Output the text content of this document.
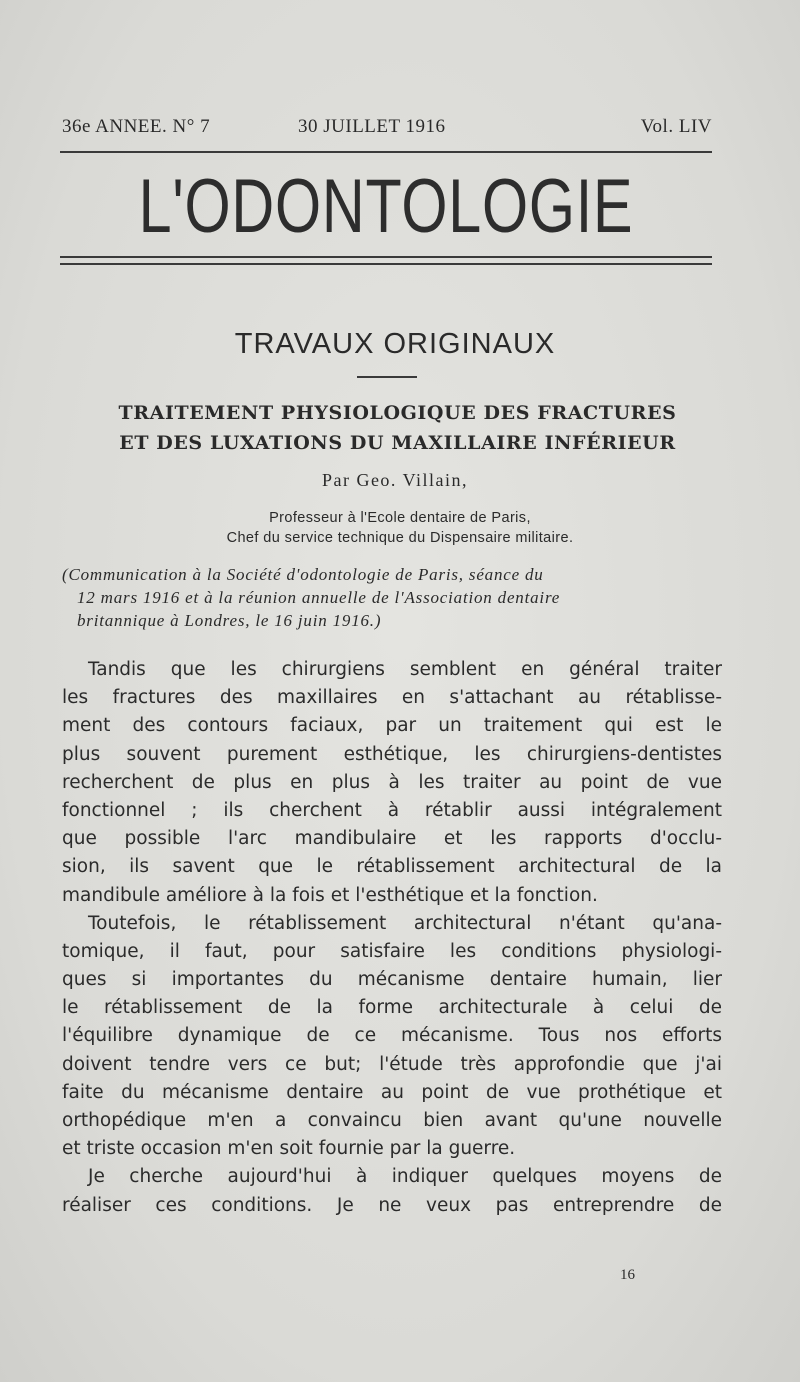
36e ANNEE. N° 7	30 JUILLET 1916	Vol. LIV
L'ODONTOLOGIE
TRAVAUX ORIGINAUX
TRAITEMENT PHYSIOLOGIQUE DES FRACTURES
ET DES LUXATIONS DU MAXILLAIRE INFÉRIEUR
Par Geo. Villain,
Professeur à l'Ecole dentaire de Paris,
Chef du service technique du Dispensaire militaire.
(Communication à la Société d'odontologie de Paris, séance du
12 mars 1916 et à la réunion annuelle de l'Association dentaire
britannique à Londres, le 16 juin 1916.)
Tandis que les chirurgiens semblent en général traiter
les fractures des maxillaires en s'attachant au rétablisse-
ment des contours faciaux, par un traitement qui est le
plus souvent purement esthétique, les chirurgiens-dentistes
recherchent de plus en plus à les traiter au point de vue
fonctionnel ; ils cherchent à rétablir aussi intégralement
que possible l'arc mandibulaire et les rapports d'occlu-
sion, ils savent que le rétablissement architectural de la
mandibule améliore à la fois et l'esthétique et la fonction.
Toutefois, le rétablissement architectural n'étant qu'ana-
tomique, il faut, pour satisfaire les conditions physiologi-
ques si importantes du mécanisme dentaire humain, lier
le rétablissement de la forme architecturale à celui de
l'équilibre dynamique de ce mécanisme. Tous nos efforts
doivent tendre vers ce but; l'étude très approfondie que j'ai
faite du mécanisme dentaire au point de vue prothétique et
orthopédique m'en a convaincu bien avant qu'une nouvelle
et triste occasion m'en soit fournie par la guerre.
Je cherche aujourd'hui à indiquer quelques moyens de
réaliser ces conditions. Je ne veux pas entreprendre de
16
